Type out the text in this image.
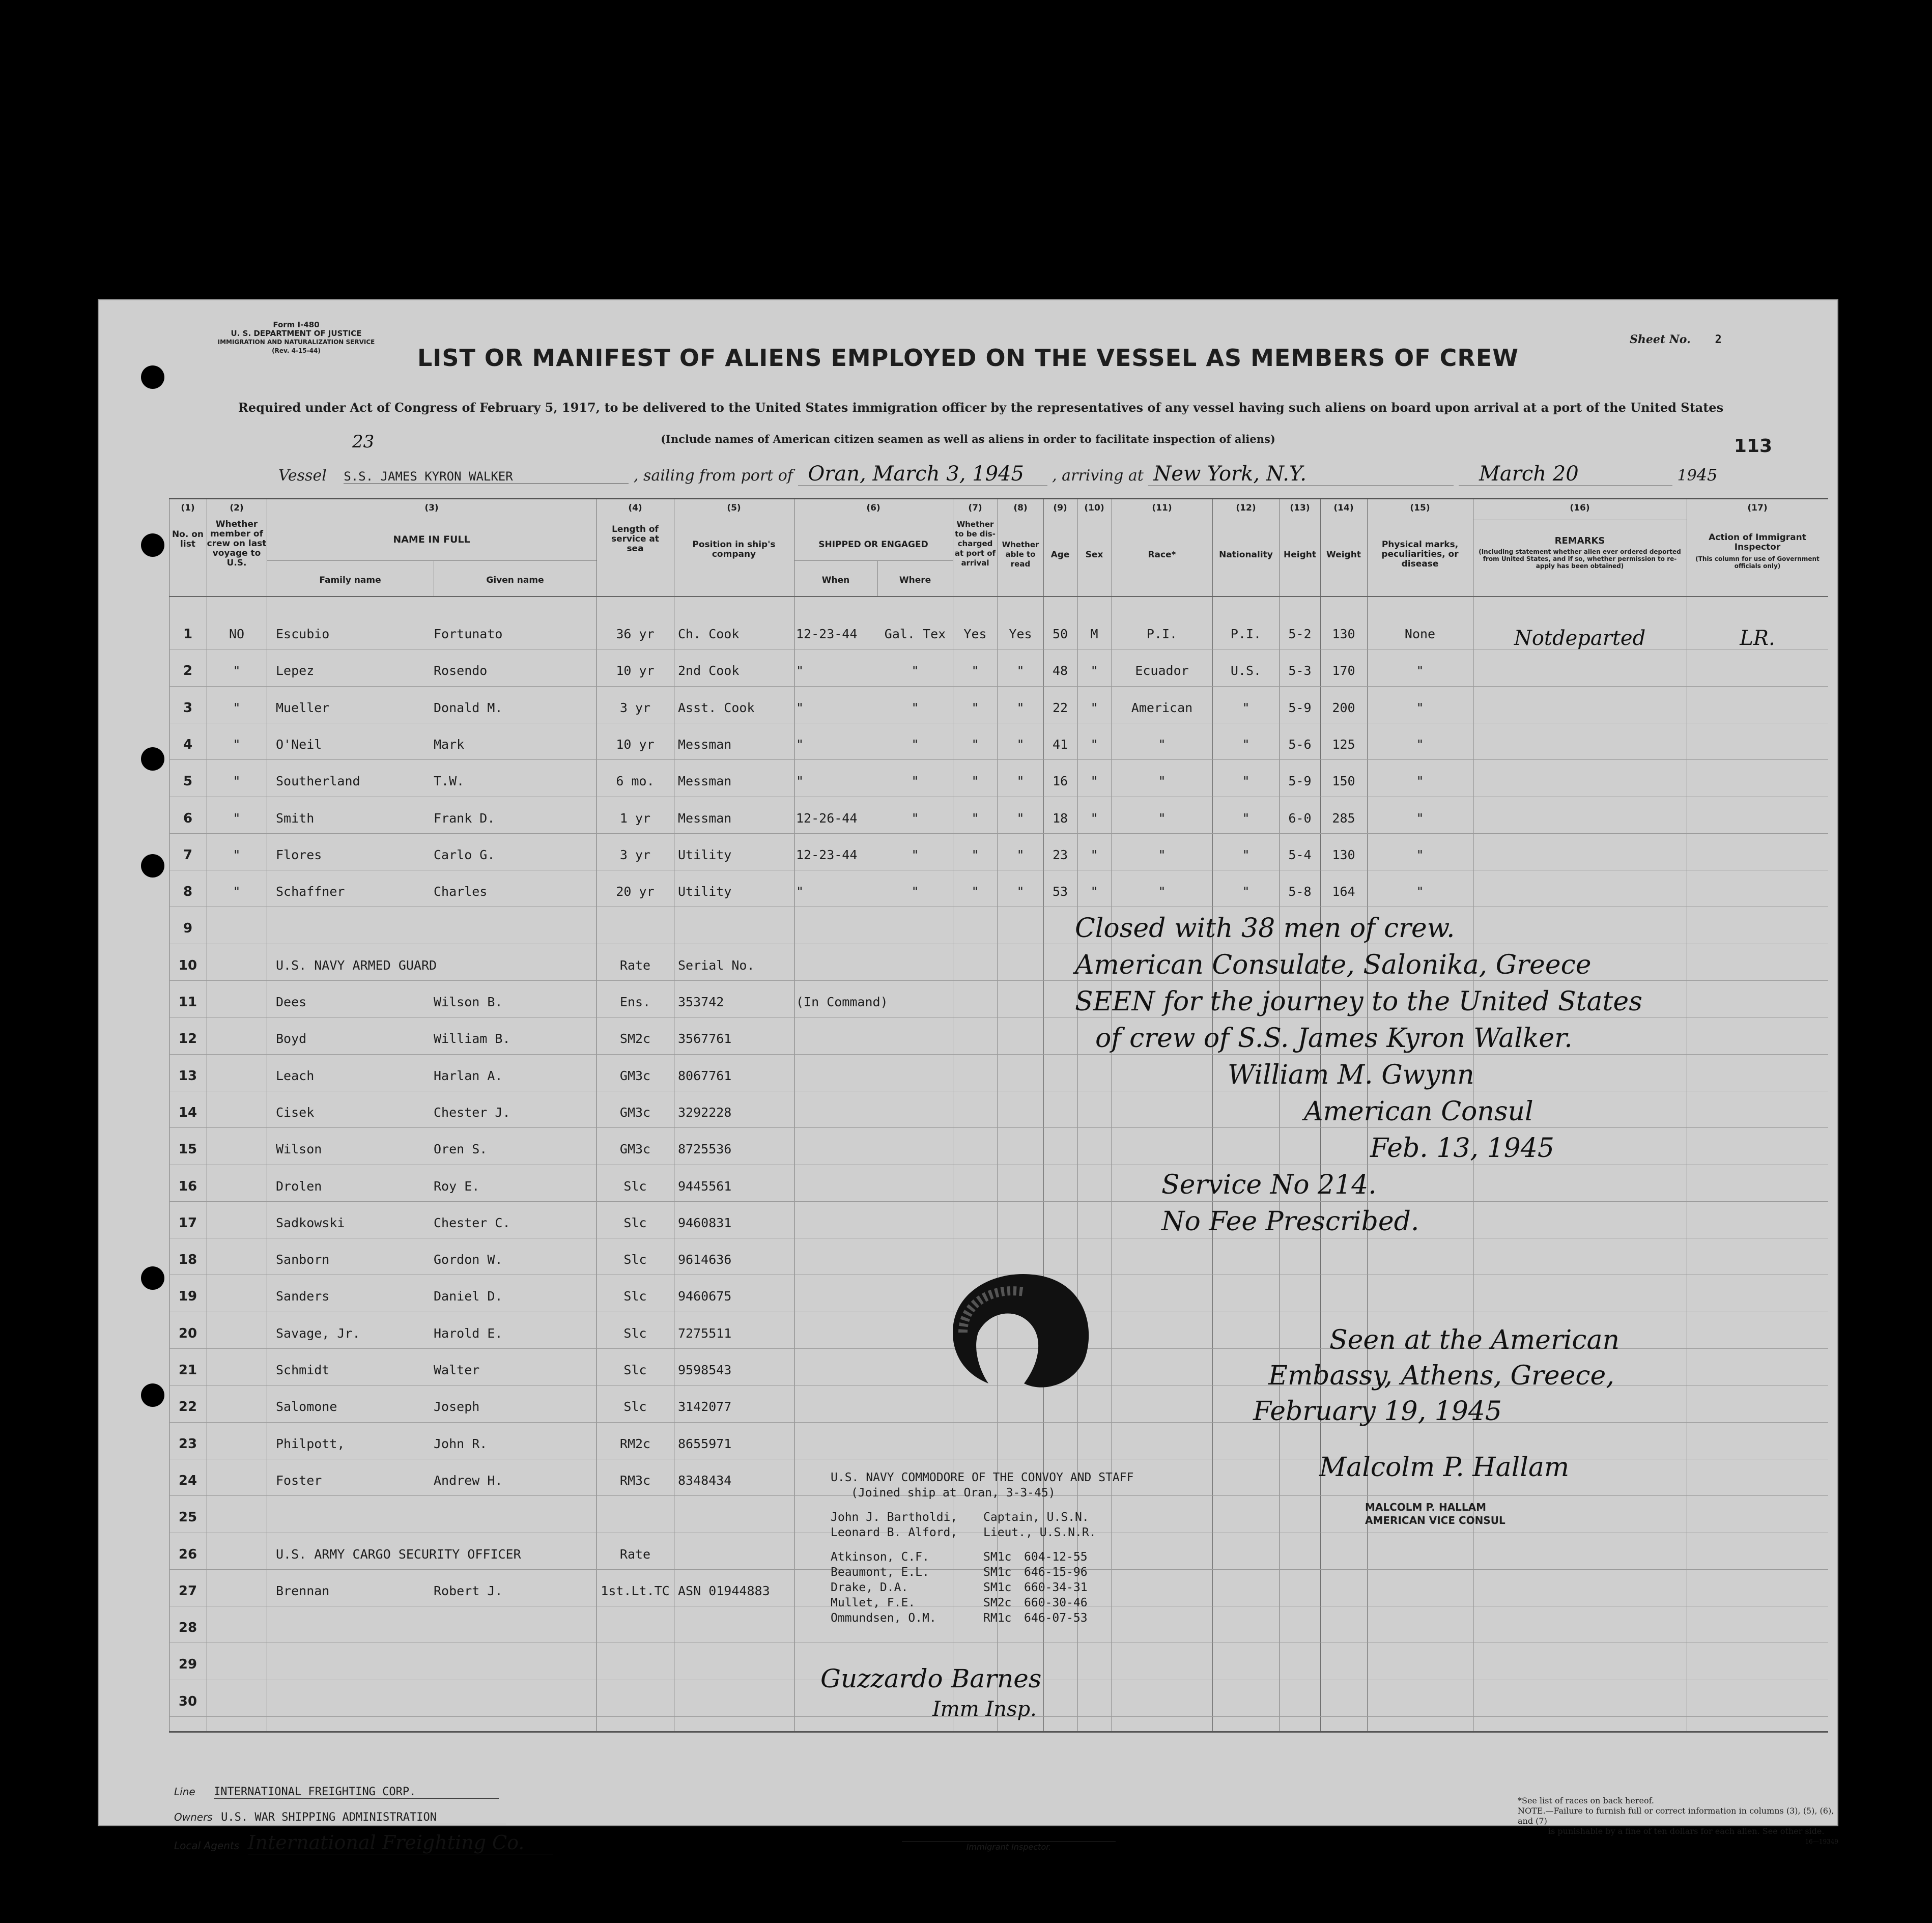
Form I-480
U. S. DEPARTMENT OF JUSTICE
IMMIGRATION AND NATURALIZATION SERVICE
(Rev. 4-15-44)
Sheet No. 2
LIST OR MANIFEST OF ALIENS EMPLOYED ON THE VESSEL AS MEMBERS OF CREW
Required under Act of Congress of February 5, 1917, to be delivered to the United States immigration officer by the representatives of any vessel having such aliens on board upon arrival at a port of the United States
(Include names of American citizen seamen as well as aliens in order to facilitate inspection of aliens)	113
23
Vessel S.S. JAMES KYRON WALKER	, sailing from port of Oran, March 3, 1945 , arriving at New York, N.Y.	March 20	1945
(1)	(2)	(3)	(4)	(5)	(6)	(7)	(8)	(9)	(10)	(11)	(12)	(13)	(14)	(15)	(16)	(17)
No. on list
Whether member of crew on last voyage to U.S.
NAME IN FULL
Family name	Given name
Length of service at sea	Position in ship's company
SHIPPED OR ENGAGED
When	Where
Whether to be dis-charged at port of arrival
Whether able to read
Age	Sex	Race*	Nationality	Height	Weight
Physical marks, peculiarities, or disease
REMARKS
(Including statement whether alien ever ordered deported from United States, and if so, whether permission to re-apply has been obtained)
Action of Immigrant Inspector
(This column for use of Government officials only)
1	NO	Escubio	Fortunato	36 yr	Ch. Cook	12-23-44	Gal. Tex	Yes	Yes	50	M	P.I.	P.I.	5-2	130	None	Notdeparted	LR.
2	"	Lepez	Rosendo	10 yr	2nd Cook	"	"	"	"	48	"	Ecuador	U.S.	5-3	170	"
3	"	Mueller	Donald M.	3 yr	Asst. Cook	"	"	"	"	22	"	American	"	5-9	200	"
4	"	O'Neil	Mark	10 yr	Messman	"	"	"	"	41	"	"	"	5-6	125	"
5	"	Southerland	T.W.	6 mo.	Messman	"	"	"	"	16	"	"	"	5-9	150	"
6	"	Smith	Frank D.	1 yr	Messman	12-26-44	"	"	"	18	"	"	"	6-0	285	"
7	"	Flores	Carlo G.	3 yr	Utility	12-23-44	"	"	"	23	"	"	"	5-4	130	"
8	"	Schaffner	Charles	20 yr	Utility	"	"	"	"	53	"	"	"	5-8	164	"
9
10	U.S. NAVY ARMED GUARD	Rate	Serial No.
11	Dees	Wilson B.	Ens.	353742	(In Command)
12	Boyd	William B.	SM2c	3567761
13	Leach	Harlan A.	GM3c	8067761
14	Cisek	Chester J.	GM3c	3292228
15	Wilson	Oren S.	GM3c	8725536
16	Drolen	Roy E.	Slc	9445561
17	Sadkowski	Chester C.	Slc	9460831
18	Sanborn	Gordon W.	Slc	9614636
19	Sanders	Daniel D.	Slc	9460675
20	Savage, Jr.	Harold E.	Slc	7275511
21	Schmidt	Walter	Slc	9598543
22	Salomone	Joseph	Slc	3142077
23	Philpott,	John R.	RM2c	8655971
24	Foster	Andrew H.	RM3c	8348434
25
26	U.S. ARMY CARGO SECURITY OFFICER	Rate
27	Brennan	Robert J.	1st.Lt.TC ASN 01944883
28
29
30
Closed with 38 men of crew.
American Consulate, Salonika, Greece
SEEN for the journey to the United States
of crew of S.S. James Kyron Walker.
William M. Gwynn
American Consul
Feb. 13, 1945
Service No 214.
No Fee Prescribed.
Seen at the American
Embassy, Athens, Greece,
February 19, 1945
Malcolm P. Hallam
MALCOLM P. HALLAM
AMERICAN VICE CONSUL
U.S. NAVY COMMODORE OF THE CONVOY AND STAFF
(Joined ship at Oran, 3-3-45)
John J. Bartholdi, Captain, U.S.N.
Leonard B. Alford, Lieut., U.S.N.R.
Atkinson, C.F.	SM1c 604-12-55
Beaumont, E.L.	SM1c 646-15-96
Drake, D.A.	SM1c 660-34-31
Mullet, F.E.	SM2c 660-30-46
Ommundsen, O.M.	RM1c 646-07-53
Guzzardo Barnes
Imm Insp.
Line INTERNATIONAL FREIGHTING CORP.
Owners U.S. WAR SHIPPING ADMINISTRATION
Local Agents International Freighting Co.	Immigrant Inspector.
*See list of races on back hereof.
NOTE.—Failure to furnish full or correct information in columns (3), (5), (6), and (7)
is punishable by a fine of ten dollars for each alien. See other side.
16—19349
